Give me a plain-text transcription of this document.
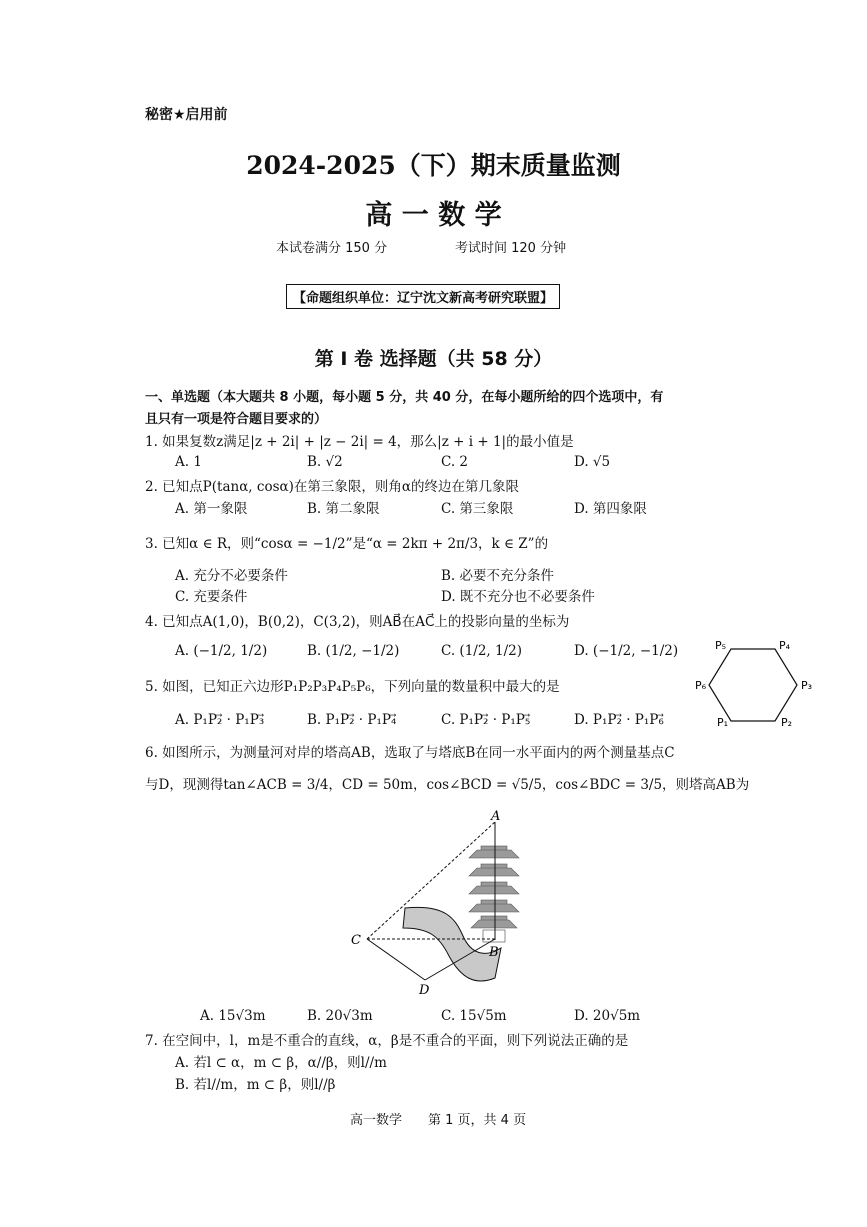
秘密★启用前
2024-2025（下）期末质量监测
高 一 数 学
本试卷满分 150 分	考试时间 120 分钟
【命题组织单位：辽宁沈文新高考研究联盟】
第 I 卷 选择题（共 58 分）
一、单选题（本大题共 8 小题，每小题 5 分，共 40 分，在每小题所给的四个选项中，有
且只有一项是符合题目要求的）
1. 如果复数z满足|z + 2i| + |z − 2i| = 4，那么|z + i + 1|的最小值是
A. 1	B. √2	C. 2	D. √5
2. 已知点P(tanα, cosα)在第三象限，则角α的终边在第几象限
A. 第一象限	B. 第二象限	C. 第三象限	D. 第四象限
3. 已知α ∈ R，则“cosα = −1/2”是“α = 2kπ + 2π/3，k ∈ Z”的
A. 充分不必要条件	B. 必要不充分条件
C. 充要条件	D. 既不充分也不必要条件
4. 已知点A(1,0)，B(0,2)，C(3,2)，则AB⃗在AC⃗上的投影向量的坐标为
A. (−1/2, 1/2)	B. (1/2, −1/2)	C. (1/2, 1/2)	D. (−1/2, −1/2)	P₅	P₄
P₃
P₆
P₁	P₂
5. 如图，已知正六边形P₁P₂P₃P₄P₅P₆，下列向量的数量积中最大的是
A. P₁P₂⃗ · P₁P₃⃗	B. P₁P₂⃗ · P₁P₄⃗	C. P₁P₂⃗ · P₁P₅⃗	D. P₁P₂⃗ · P₁P₆⃗
6. 如图所示，为测量河对岸的塔高AB，选取了与塔底B在同一水平面内的两个测量基点C
与D，现测得tan∠ACB = 3/4，CD = 50m，cos∠BCD = √5/5，cos∠BDC = 3/5，则塔高AB为
A
B
C
D
A. 15√3m	B. 20√3m	C. 15√5m	D. 20√5m
7. 在空间中，l，m是不重合的直线，α，β是不重合的平面，则下列说法正确的是
A. 若l ⊂ α，m ⊂ β，α//β，则l//m
B. 若l//m，m ⊂ β，则l//β
高一数学 第 1 页，共 4 页
